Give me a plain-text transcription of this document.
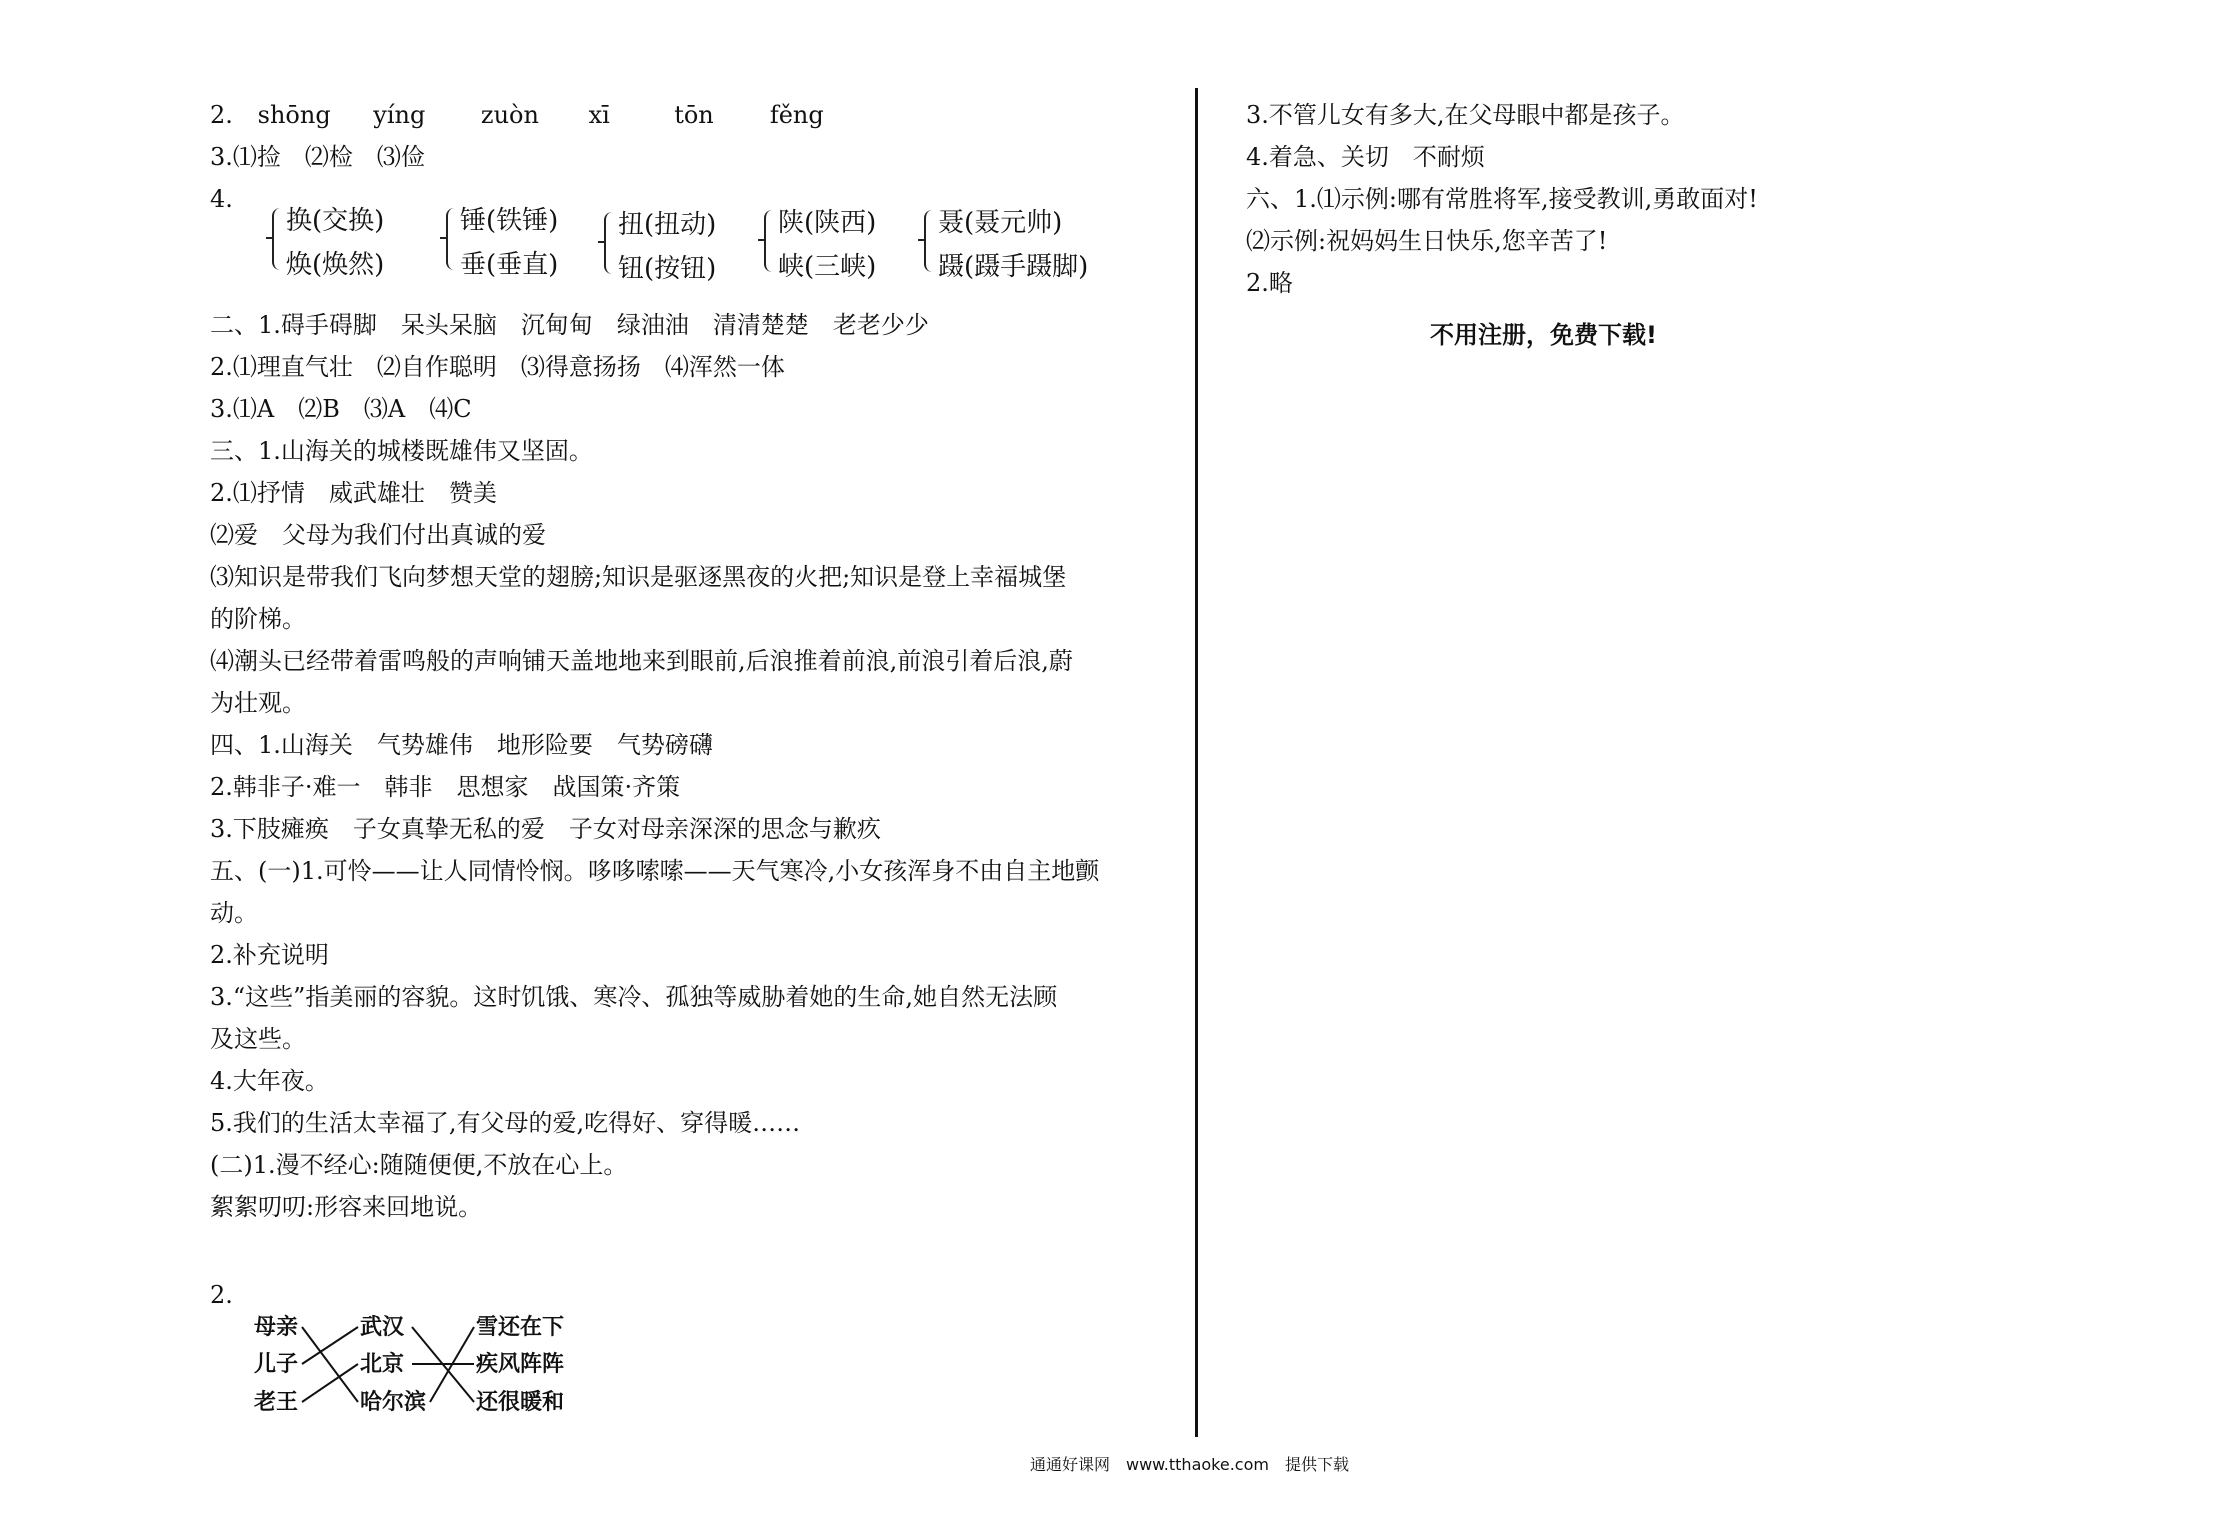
2. shōng yíng zuòn xī	tōn fěng
3.⑴捡　⑵检　⑶俭
4.
换(交换)
焕(焕然)
锤(铁锤)
垂(垂直)
扭(扭动)
钮(按钮)
陕(陕西)
峡(三峡)
聂(聂元帅)
蹑(蹑手蹑脚)
二、1.碍手碍脚　呆头呆脑　沉甸甸　绿油油　清清楚楚　老老少少
2.⑴理直气壮　⑵自作聪明　⑶得意扬扬　⑷浑然一体
3.⑴A　⑵B　⑶A　⑷C
三、1.山海关的城楼既雄伟又坚固。
2.⑴抒情　威武雄壮　赞美
⑵爱　父母为我们付出真诚的爱
⑶知识是带我们飞向梦想天堂的翅膀;知识是驱逐黑夜的火把;知识是登上幸福城堡
的阶梯。
⑷潮头已经带着雷鸣般的声响铺天盖地地来到眼前,后浪推着前浪,前浪引着后浪,蔚
为壮观。
四、1.山海关　气势雄伟　地形险要　气势磅礴
2.韩非子·难一　韩非　思想家　战国策·齐策
3.下肢瘫痪　子女真挚无私的爱　子女对母亲深深的思念与歉疚
五、(一)1.可怜——让人同情怜悯。哆哆嗦嗦——天气寒冷,小女孩浑身不由自主地颤
动。
2.补充说明
3.“这些”指美丽的容貌。这时饥饿、寒冷、孤独等威胁着她的生命,她自然无法顾
及这些。
4.大年夜。
5.我们的生活太幸福了,有父母的爱,吃得好、穿得暖……
(二)1.漫不经心:随随便便,不放在心上。
絮絮叨叨:形容来回地说。
2.
母亲
儿子
老王
武汉
北京
哈尔滨
雪还在下
疾风阵阵
还很暖和
3.不管儿女有多大,在父母眼中都是孩子。
4.着急、关切　不耐烦
六、1.⑴示例:哪有常胜将军,接受教训,勇敢面对!
⑵示例:祝妈妈生日快乐,您辛苦了!
2.略
不用注册，免费下载!
通通好课网　www.tthaoke.com　提供下载
